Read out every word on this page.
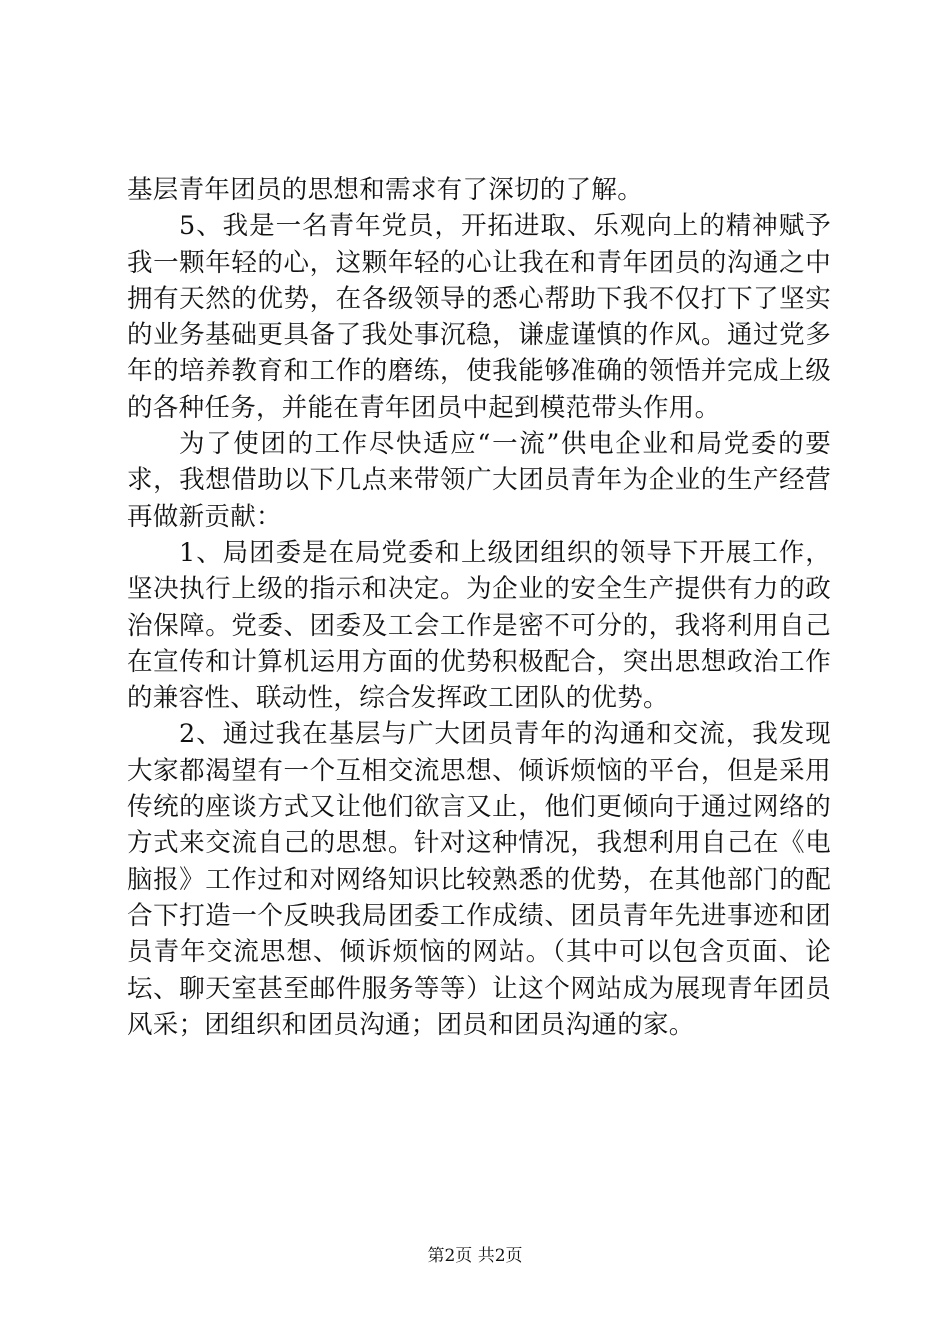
基层青年团员的思想和需求有了深切的了解。

5、我是一名青年党员，开拓进取、乐观向上的精神赋予我一颗年轻的心，这颗年轻的心让我在和青年团员的沟通之中拥有天然的优势，在各级领导的悉心帮助下我不仅打下了坚实的业务基础更具备了我处事沉稳，谦虚谨慎的作风。通过党多年的培养教育和工作的磨练，使我能够准确的领悟并完成上级的各种任务，并能在青年团员中起到模范带头作用。

为了使团的工作尽快适应“一流”供电企业和局党委的要求，我想借助以下几点来带领广大团员青年为企业的生产经营再做新贡献：

1、局团委是在局党委和上级团组织的领导下开展工作，坚决执行上级的指示和决定。为企业的安全生产提供有力的政治保障。党委、团委及工会工作是密不可分的，我将利用自己在宣传和计算机运用方面的优势积极配合，突出思想政治工作的兼容性、联动性，综合发挥政工团队的优势。

2、通过我在基层与广大团员青年的沟通和交流，我发现大家都渴望有一个互相交流思想、倾诉烦恼的平台，但是采用传统的座谈方式又让他们欲言又止，他们更倾向于通过网络的方式来交流自己的思想。针对这种情况，我想利用自己在《电脑报》工作过和对网络知识比较熟悉的优势，在其他部门的配合下打造一个反映我局团委工作成绩、团员青年先进事迹和团员青年交流思想、倾诉烦恼的网站。（其中可以包含页面、论坛、聊天室甚至邮件服务等等）让这个网站成为展现青年团员风采；团组织和团员沟通；团员和团员沟通的家。

第2页 共2页
